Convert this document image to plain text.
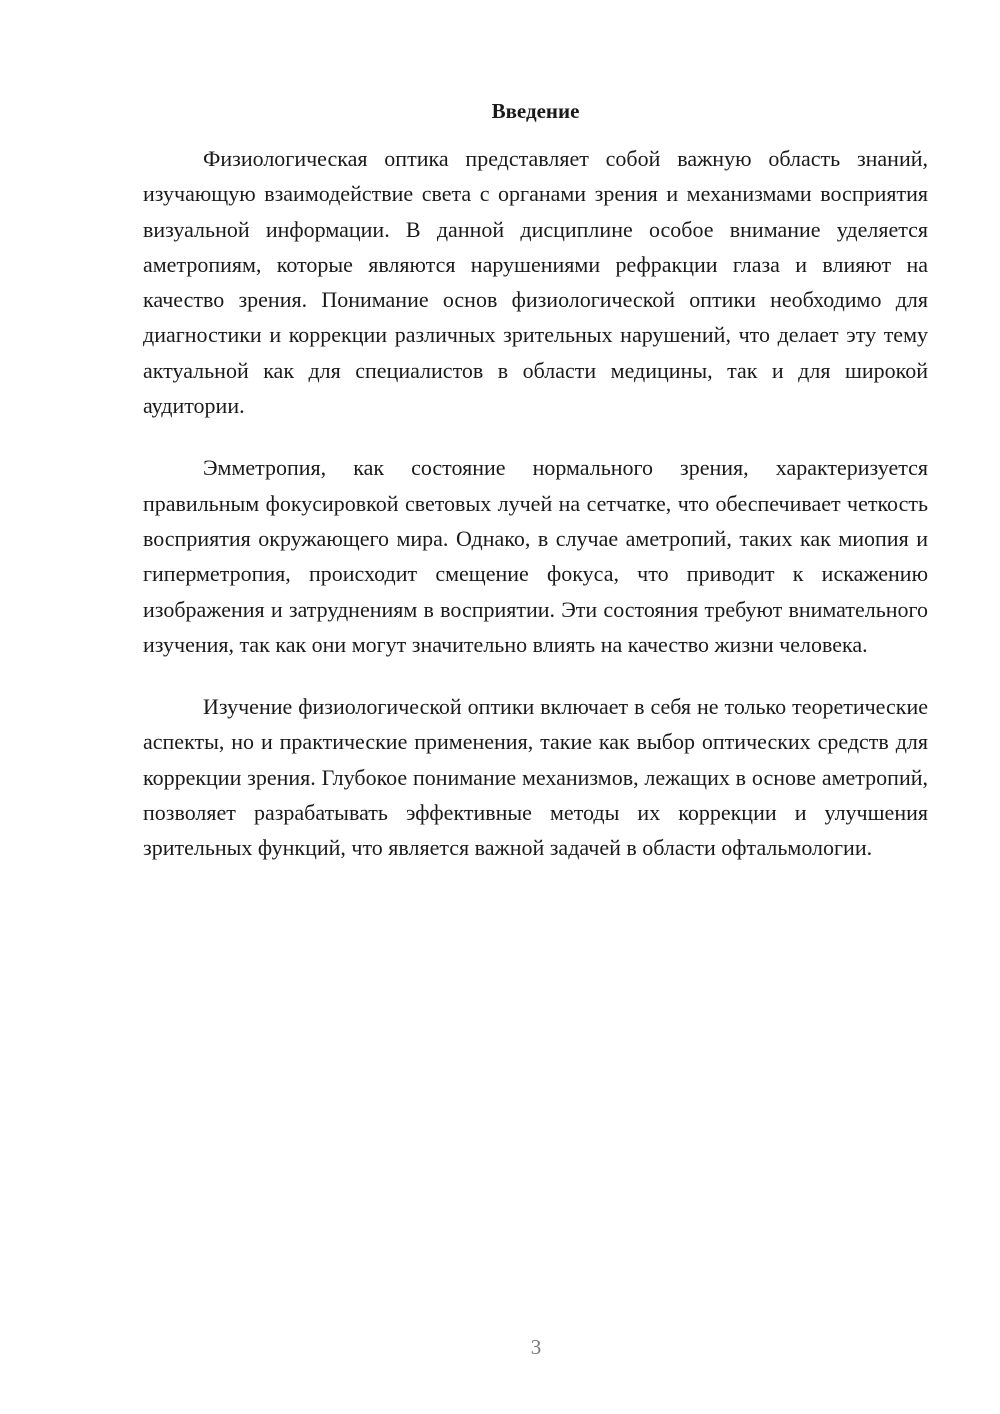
Введение

Физиологическая оптика представляет собой важную область знаний, изучающую взаимодействие света с органами зрения и механизмами восприятия визуальной информации. В данной дисциплине особое внимание уделяется аметропиям, которые являются нарушениями рефракции глаза и влияют на качество зрения. Понимание основ физиологической оптики необходимо для диагностики и коррекции различных зрительных нарушений, что делает эту тему актуальной как для специалистов в области медицины, так и для широкой аудитории.

Эмметропия, как состояние нормального зрения, характеризуется правильным фокусировкой световых лучей на сетчатке, что обеспечивает четкость восприятия окружающего мира. Однако, в случае аметропий, таких как миопия и гиперметропия, происходит смещение фокуса, что приводит к искажению изображения и затруднениям в восприятии. Эти состояния требуют внимательного изучения, так как они могут значительно влиять на качество жизни человека.

Изучение физиологической оптики включает в себя не только теоретические аспекты, но и практические применения, такие как выбор оптических средств для коррекции зрения. Глубокое понимание механизмов, лежащих в основе аметропий, позволяет разрабатывать эффективные методы их коррекции и улучшения зрительных функций, что является важной задачей в области офтальмологии.

3
